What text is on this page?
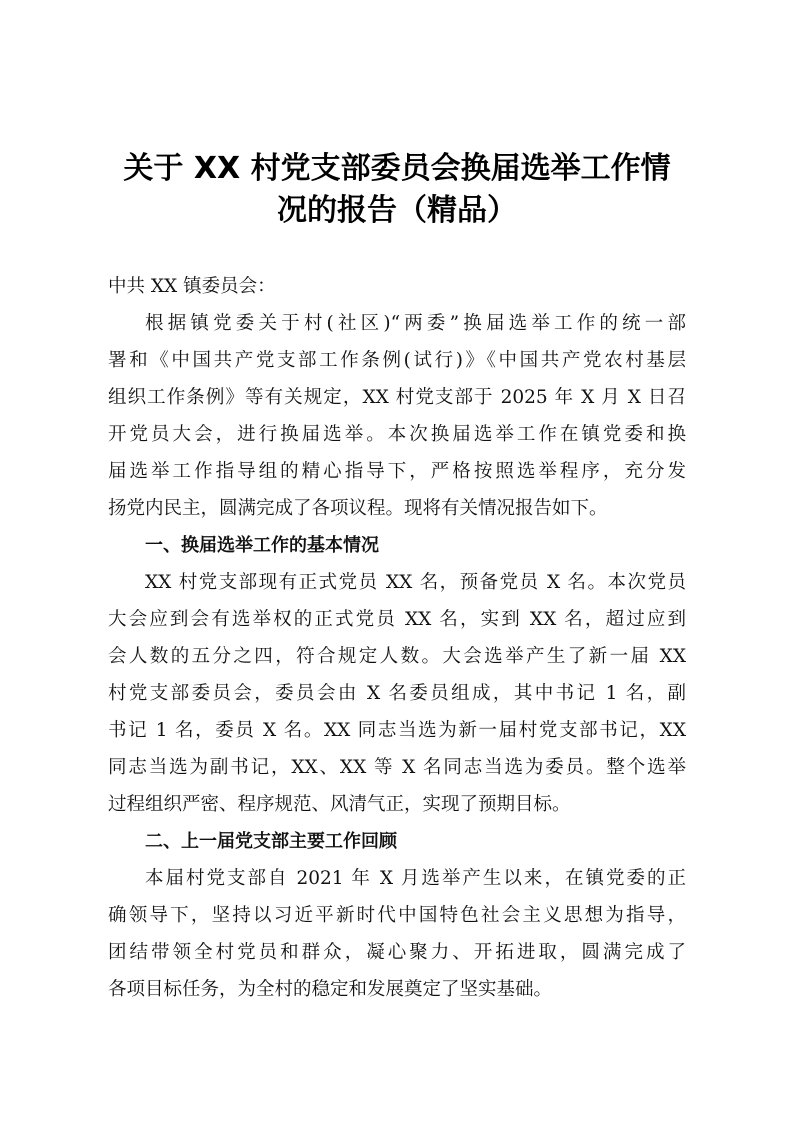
关于 XX 村党支部委员会换届选举工作情
况的报告（精品）
中共 XX 镇委员会：
根据镇党委关于村(社区)“两委”换届选举工作的统一部
署和《中国共产党支部工作条例(试行)》《中国共产党农村基层
组织工作条例》等有关规定，XX 村党支部于 2025 年 X 月 X 日召
开党员大会，进行换届选举。本次换届选举工作在镇党委和换
届选举工作指导组的精心指导下，严格按照选举程序，充分发
扬党内民主，圆满完成了各项议程。现将有关情况报告如下。
一、换届选举工作的基本情况
XX 村党支部现有正式党员 XX 名，预备党员 X 名。本次党员
大会应到会有选举权的正式党员 XX 名，实到 XX 名，超过应到
会人数的五分之四，符合规定人数。大会选举产生了新一届 XX
村党支部委员会，委员会由 X 名委员组成，其中书记 1 名，副
书记 1 名，委员 X 名。XX 同志当选为新一届村党支部书记，XX
同志当选为副书记，XX、XX 等 X 名同志当选为委员。整个选举
过程组织严密、程序规范、风清气正，实现了预期目标。
二、上一届党支部主要工作回顾
本届村党支部自 2021 年 X 月选举产生以来，在镇党委的正
确领导下，坚持以习近平新时代中国特色社会主义思想为指导，
团结带领全村党员和群众，凝心聚力、开拓进取，圆满完成了
各项目标任务，为全村的稳定和发展奠定了坚实基础。
